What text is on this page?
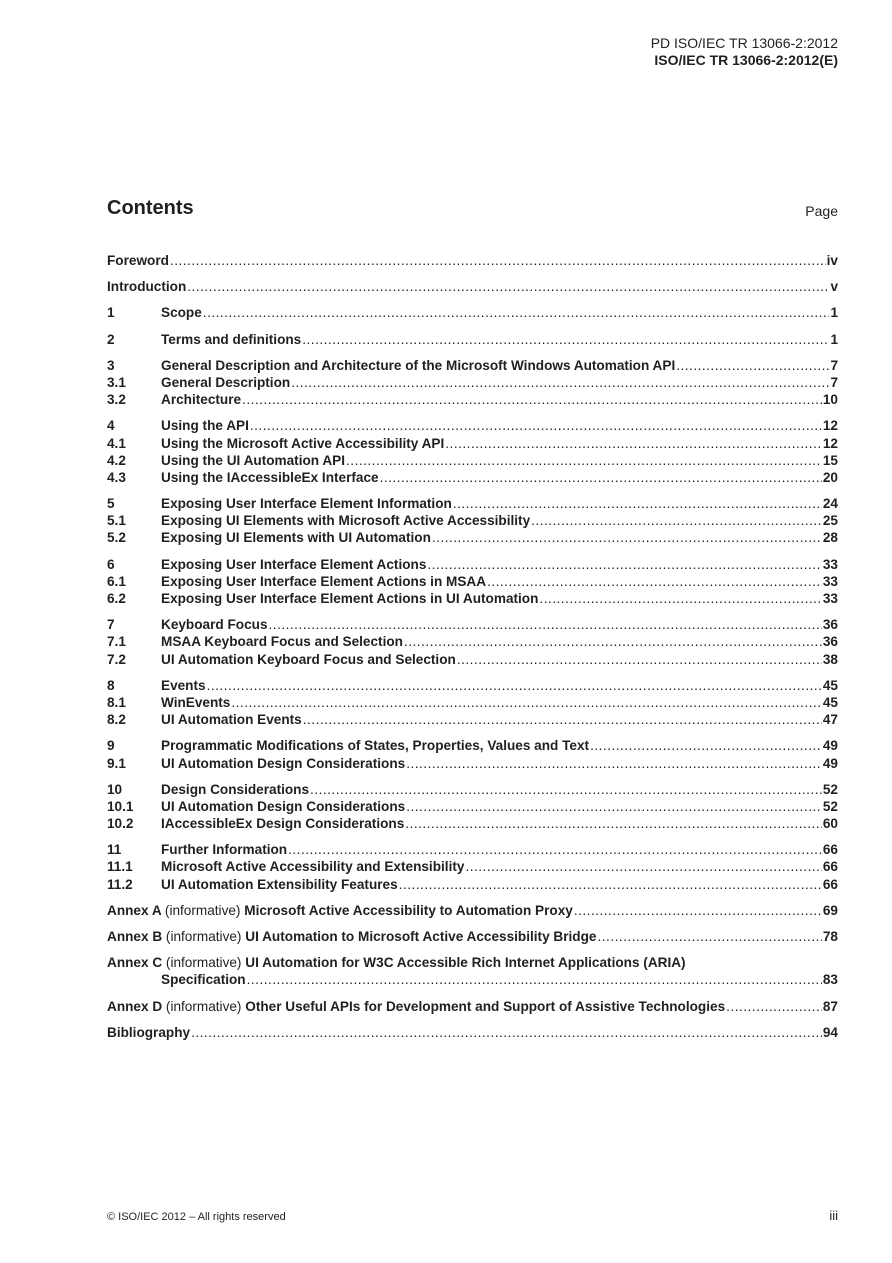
PD ISO/IEC TR 13066-2:2012
ISO/IEC TR 13066-2:2012(E)
Contents	Page
Foreword .....	iv
Introduction .....	v
1	Scope .....	1
2	Terms and definitions .....	1
3	General Description and Architecture of the Microsoft Windows Automation API .....	7
3.1	General Description .....	7
3.2	Architecture .....	10
4	Using the API .....	12
4.1	Using the Microsoft Active Accessibility API .....	12
4.2	Using the UI Automation API .....	15
4.3	Using the IAccessibleEx Interface .....	20
5	Exposing User Interface Element Information .....	24
5.1	Exposing UI Elements with Microsoft Active Accessibility .....	25
5.2	Exposing UI Elements with UI Automation .....	28
6	Exposing User Interface Element Actions .....	33
6.1	Exposing User Interface Element Actions in MSAA .....	33
6.2	Exposing User Interface Element Actions in UI Automation .....	33
7	Keyboard Focus .....	36
7.1	MSAA Keyboard Focus and Selection .....	36
7.2	UI Automation Keyboard Focus and Selection .....	38
8	Events .....	45
8.1	WinEvents .....	45
8.2	UI Automation Events .....	47
9	Programmatic Modifications of States, Properties, Values and Text .....	49
9.1	UI Automation Design Considerations .....	49
10	Design Considerations .....	52
10.1	UI Automation Design Considerations .....	52
10.2	IAccessibleEx Design Considerations .....	60
11	Further Information .....	66
11.1	Microsoft Active Accessibility and Extensibility .....	66
11.2	UI Automation Extensibility Features .....	66
Annex A (informative) Microsoft Active Accessibility to Automation Proxy .....	69
Annex B (informative) UI Automation to Microsoft Active Accessibility Bridge .....	78
Annex C (informative) UI Automation for W3C Accessible Rich Internet Applications (ARIA)
Specification .....	83
Annex D (informative) Other Useful APIs for Development and Support of Assistive Technologies .....	87
Bibliography .....	94
© ISO/IEC 2012 – All rights reserved	iii
